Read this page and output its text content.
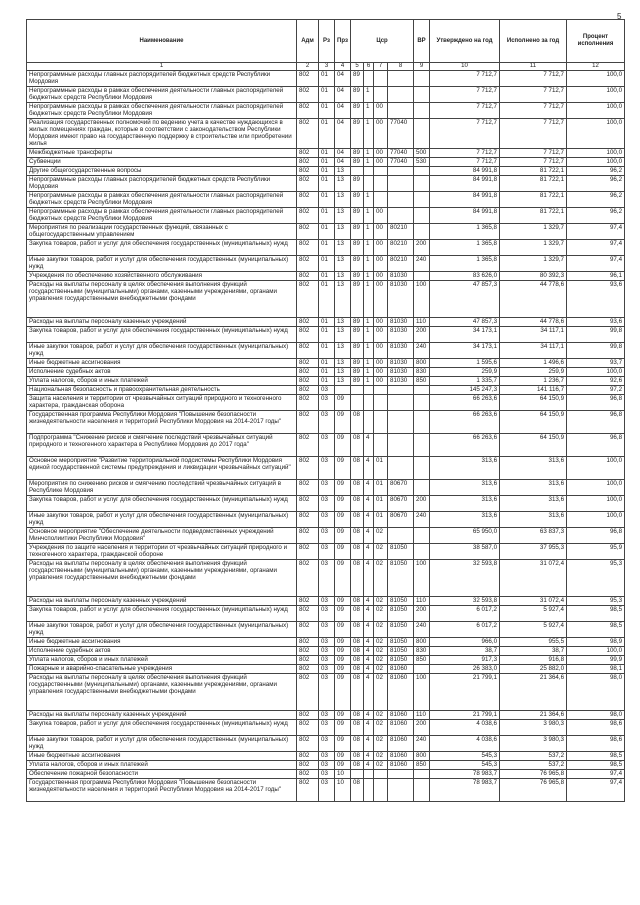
5
Наименование	Адм	Рз	Прз	Цср				ВР	Утверждено на год	Исполнено за год	Процент исполнения
1	2	3	4	5	6	7	8	9	10	11	12
Непрограммные расходы главных распорядителей бюджетных средств Республики Мордовия	802	01	04	89					7 712,7	7 712,7	100,0
Непрограммные расходы в рамках обеспечения деятельности главных распорядителей бюджетных средств Республики Мордовия	802	01	04	89	1				7 712,7	7 712,7	100,0
Непрограммные расходы в рамках обеспечения деятельности главных распорядителей бюджетных средств Республики Мордовия	802	01	04	89	1	00			7 712,7	7 712,7	100,0
Реализация государственных полномочий по ведению учета в качестве нуждающихся в жилых помещениях граждан, которые в соответствии с законодательством Республики Мордовия имеют право на государственную поддержку в строительстве или приобретении жилья	802	01	04	89	1	00	77040		7 712,7	7 712,7	100,0
Межбюджетные трансферты	802	01	04	89	1	00	77040	500	7 712,7	7 712,7	100,0
Субвенции	802	01	04	89	1	00	77040	530	7 712,7	7 712,7	100,0
Другие общегосударственные вопросы	802	01	13						84 991,8	81 722,1	96,2
Непрограммные расходы главных распорядителей бюджетных средств Республики Мордовия	802	01	13	89					84 991,8	81 722,1	96,2
Непрограммные расходы в рамках обеспечения деятельности главных распорядителей бюджетных средств Республики Мордовия	802	01	13	89	1				84 991,8	81 722,1	96,2
Непрограммные расходы в рамках обеспечения деятельности главных распорядителей бюджетных средств Республики Мордовия	802	01	13	89	1	00			84 991,8	81 722,1	96,2
Мероприятия по реализации государственных функций, связанных с общегосударственным управлением	802	01	13	89	1	00	80210		1 365,8	1 329,7	97,4
Закупка товаров, работ и услуг для обеспечения государственных (муниципальных) нужд	802	01	13	89	1	00	80210	200	1 365,8	1 329,7	97,4
Иные закупки товаров, работ и услуг для обеспечения государственных (муниципальных) нужд	802	01	13	89	1	00	80210	240	1 365,8	1 329,7	97,4
Учреждения по обеспечению хозяйственного обслуживания	802	01	13	89	1	00	81030		83 626,0	80 392,3	96,1
Расходы на выплаты персоналу в целях обеспечения выполнения функций государственными (муниципальными) органами, казенными учреждениями, органами управления государственными внебюджетными фондами	802	01	13	89	1	00	81030	100	47 857,3	44 778,6	93,6
Расходы на выплаты персоналу казенных учреждений	802	01	13	89	1	00	81030	110	47 857,3	44 778,6	93,6
Закупка товаров, работ и услуг для обеспечения государственных (муниципальных) нужд	802	01	13	89	1	00	81030	200	34 173,1	34 117,1	99,8
Иные закупки товаров, работ и услуг для обеспечения государственных (муниципальных) нужд	802	01	13	89	1	00	81030	240	34 173,1	34 117,1	99,8
Иные бюджетные ассигнования	802	01	13	89	1	00	81030	800	1 595,6	1 496,6	93,7
Исполнение судебных актов	802	01	13	89	1	00	81030	830	259,9	259,9	100,0
Уплата налогов, сборов и иных платежей	802	01	13	89	1	00	81030	850	1 335,7	1 236,7	92,6
Национальная безопасность и правоохранительная деятельность	802	03							145 247,3	141 116,7	97,2
Защита населения и территории от чрезвычайных ситуаций природного и техногенного характера, гражданская оборона	802	03	09						66 263,6	64 150,9	96,8
Государственная программа Республики Мордовия "Повышение безопасности жизнедеятельности населения и территорий Республики Мордовия на 2014-2017 годы"	802	03	09	08					66 263,6	64 150,9	96,8
Подпрограмма "Снижение рисков и смягчение последствий чрезвычайных ситуаций природного и техногенного характера в Республике Мордовия до 2017 года"	802	03	09	08	4				66 263,6	64 150,9	96,8
Основное мероприятие "Развитие территориальной подсистемы Республики Мордовия единой государственной системы предупреждения и ликвидации чрезвычайных ситуаций"	802	03	09	08	4	01			313,6	313,6	100,0
Мероприятия по снижению рисков и смягчению последствий чрезвычайных ситуаций в Республике Мордовия	802	03	09	08	4	01	80670		313,6	313,6	100,0
Закупка товаров, работ и услуг для обеспечения государственных (муниципальных) нужд	802	03	09	08	4	01	80670	200	313,6	313,6	100,0
Иные закупки товаров, работ и услуг для обеспечения государственных (муниципальных) нужд	802	03	09	08	4	01	80670	240	313,6	313,6	100,0
Основное мероприятие "Обеспечение деятельности подведомственных учреждений Минчсполиитики Республики Мордовия"	802	03	09	08	4	02			65 950,0	63 837,3	96,8
Учреждения по защите населения и территории от чрезвычайных ситуаций природного и техногенного характера, гражданской обороне	802	03	09	08	4	02	81050		38 587,0	37 955,3	95,9
Расходы на выплаты персоналу в целях обеспечения выполнения функций государственными (муниципальными) органами, казенными учреждениями, органами управления государственными внебюджетными фондами	802	03	09	08	4	02	81050	100	32 593,8	31 072,4	95,3
Расходы на выплаты персоналу казенных учреждений	802	03	09	08	4	02	81050	110	32 593,8	31 072,4	95,3
Закупка товаров, работ и услуг для обеспечения государственных (муниципальных) нужд	802	03	09	08	4	02	81050	200	6 017,2	5 927,4	98,5
Иные закупки товаров, работ и услуг для обеспечения государственных (муниципальных) нужд	802	03	09	08	4	02	81050	240	6 017,2	5 927,4	98,5
Иные бюджетные ассигнования	802	03	09	08	4	02	81050	800	966,0	955,5	98,9
Исполнение судебных актов	802	03	09	08	4	02	81050	830	38,7	38,7	100,0
Уплата налогов, сборов и иных платежей	802	03	09	08	4	02	81050	850	917,3	916,8	99,9
Пожарные и аварийно-спасательные учреждения	802	03	09	08	4	02	81060		26 383,0	25 882,0	98,1
Расходы на выплаты персоналу в целях обеспечения выполнения функций государственными (муниципальными) органами, казенными учреждениями, органами управления государственными внебюджетными фондами	802	03	09	08	4	02	81060	100	21 799,1	21 364,6	98,0
Расходы на выплаты персоналу казенных учреждений	802	03	09	08	4	02	81060	110	21 799,1	21 364,6	98,0
Закупка товаров, работ и услуг для обеспечения государственных (муниципальных) нужд	802	03	09	08	4	02	81060	200	4 038,6	3 980,3	98,6
Иные закупки товаров, работ и услуг для обеспечения государственных (муниципальных) нужд	802	03	09	08	4	02	81060	240	4 038,6	3 980,3	98,6
Иные бюджетные ассигнования	802	03	09	08	4	02	81060	800	545,3	537,2	98,5
Уплата налогов, сборов и иных платежей	802	03	09	08	4	02	81060	850	545,3	537,2	98,5
Обеспечение пожарной безопасности	802	03	10						78 983,7	76 965,8	97,4
Государственная программа Республики Мордовия "Повышение безопасности жизнедеятельности населения и территорий Республики Мордовия на 2014-2017 годы"	802	03	10	08					78 983,7	76 965,8	97,4
